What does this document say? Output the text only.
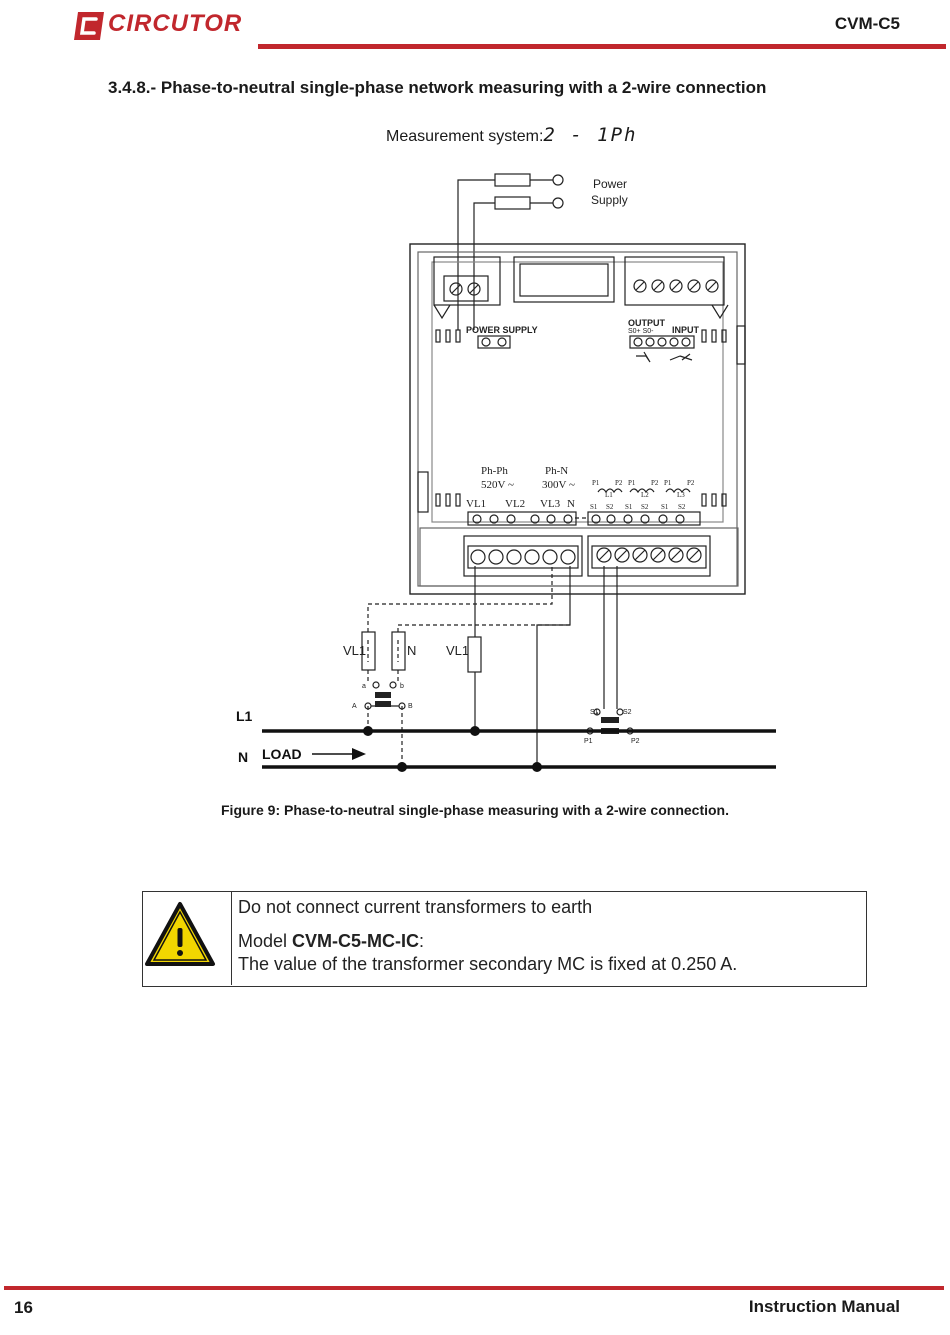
CIRCUTOR	CVM-C5
3.4.8.- Phase-to-neutral single-phase network measuring with a 2-wire connection
Measurement system:2 - 1Ph
Power
Supply
POWER SUPPLY
OUTPUT
INPUT
S0+ S0-
Ph-Ph
520V ~
Ph-N
300V ~
VL1 VL2 VL3 N
P1 P2 P1 P2 P1 P2
L1	L2	L3
S1 S2 S1 S2 S1 S2
VL1	N VL1
a	b
A	B
S1	S2
P1	P2
L1
N LOAD
Figure 9: Phase-to-neutral single-phase measuring with a 2-wire connection.
Do not connect current transformers to earth
Model CVM-C5-MC-IC:
The value of the transformer secondary MC is fixed at 0.250 A.
16	Instruction Manual
